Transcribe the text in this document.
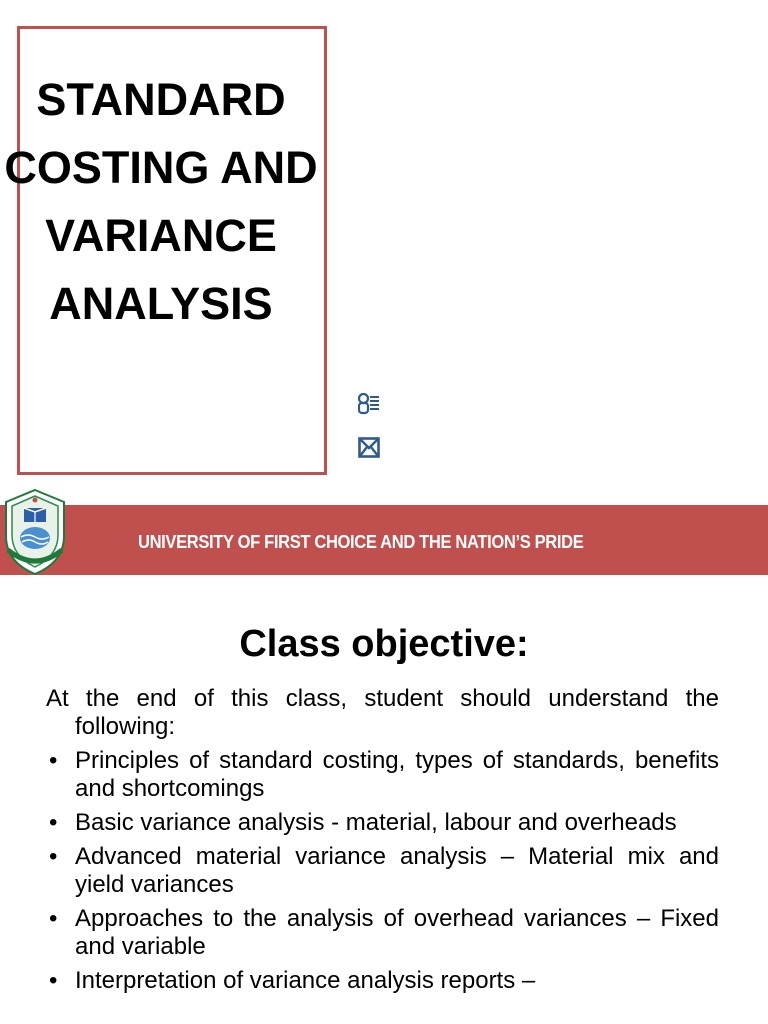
STANDARD
COSTING AND
VARIANCE
ANALYSIS
UNIVERSITY OF FIRST CHOICE AND THE NATION’S PRIDE
Class objective:

At the end of this class, student should understand the following:

• Principles of standard costing, types of standards, benefits and shortcomings
• Basic variance analysis - material, labour and overheads
• Advanced material variance analysis – Material mix and yield variances
• Approaches to the analysis of overhead variances – Fixed and variable
• Interpretation of variance analysis reports –
